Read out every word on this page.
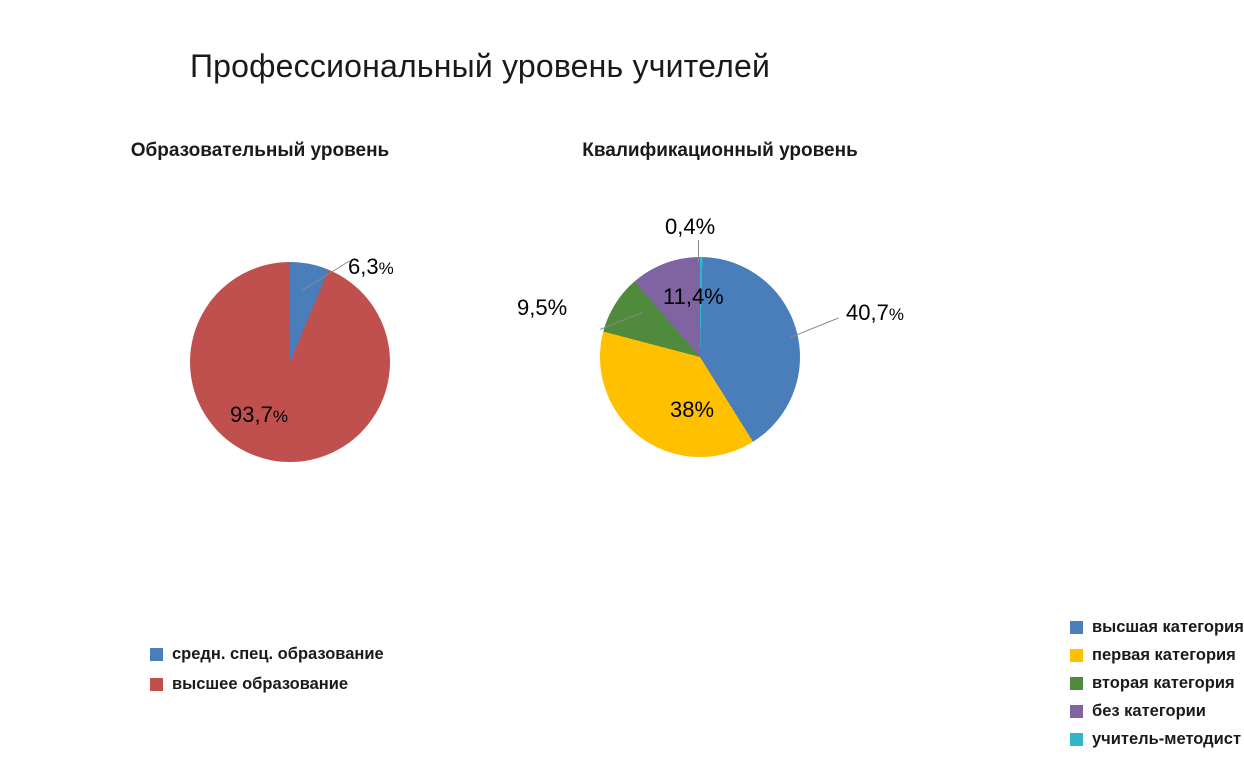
Профессиональный уровень учителей
Образовательный уровень
6,3%
93,7%
средн. спец. образование
высшее образование
Квалификационный уровень
0,4%
11,4%
9,5%	40,7%
38%
высшая категория
первая категория
вторая категория
без категории
учитель-методист
